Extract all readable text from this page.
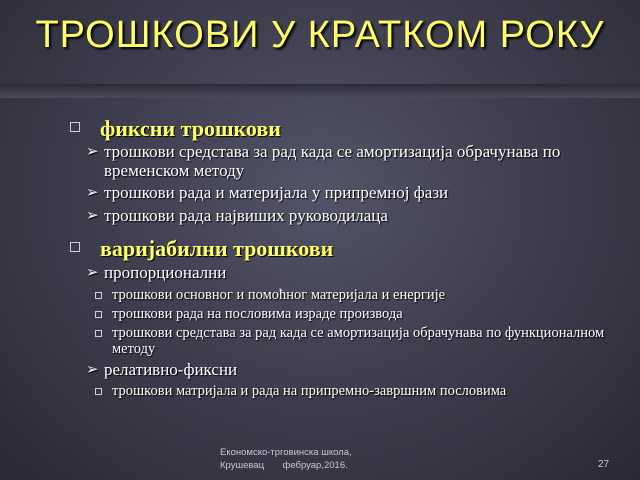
ТРОШКОВИ У КРАТКОМ РОКУ
фиксни трошкови
➢ трошкови средстава за рад када се амортизација обрачунава по временском методу
➢ трошкови рада и материјала у припремној фази
➢ трошкови рада највиших руководилаца
варијабилни трошкови
➢ пропорционални
трошкови основног и помоћног материјала и енергије
трошкови рада на пословима израде производа
трошкови средстава за рад када се амортизација обрачунава по функционалном методу
➢ релативно-фиксни
трошкови матријала и рада на припремно-завршним пословима
Економско-трговинска школа,
Крушевац       фебруар,2016.	27
